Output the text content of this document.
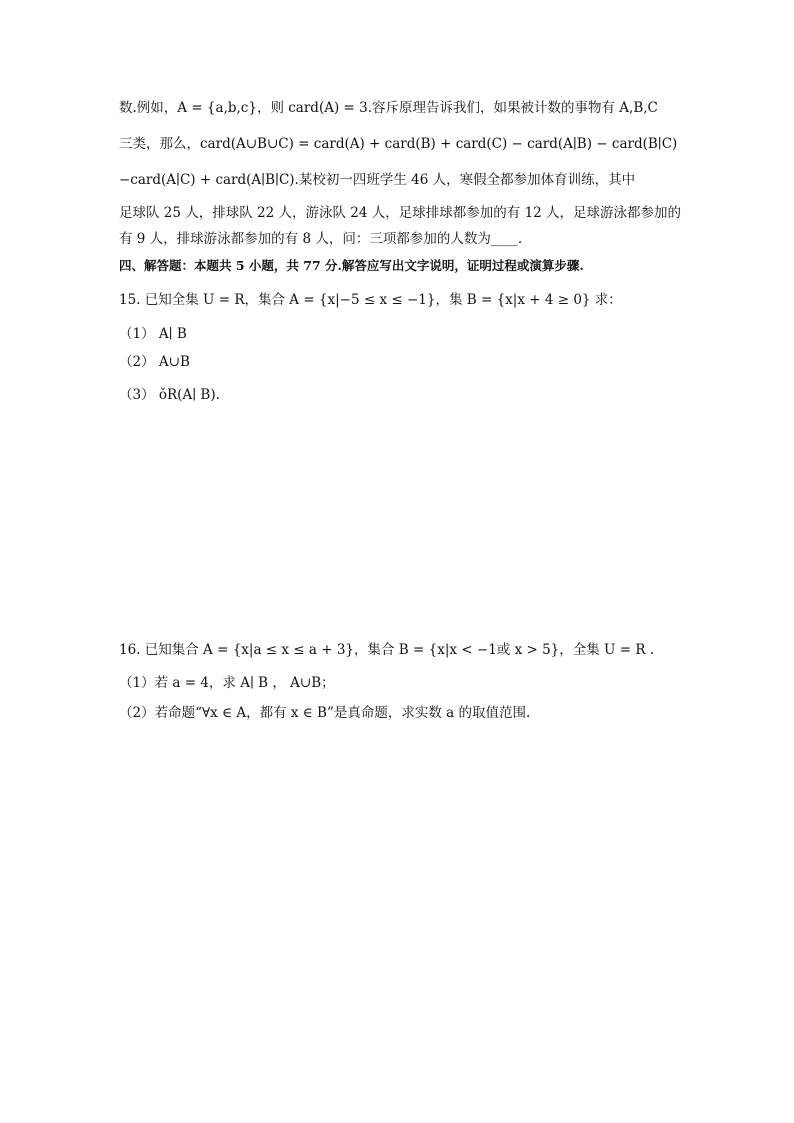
数.例如，A = {a,b,c}，则 card(A) = 3.容斥原理告诉我们，如果被计数的事物有 A,B,C
三类，那么，card(A∪B∪C) = card(A) + card(B) + card(C) − card(A∣B) − card(B∣C)
−card(A∣C) + card(A∣B∣C).某校初一四班学生 46 人，寒假全都参加体育训练，其中
足球队 25 人，排球队 22 人，游泳队 24 人，足球排球都参加的有 12 人，足球游泳都参加的
有 9 人，排球游泳都参加的有 8 人，问：三项都参加的人数为____.
四、解答题：本题共 5 小题，共 77 分.解答应写出文字说明，证明过程或演算步骤.
15. 已知全集 U = R，集合 A = {x|−5 ≤ x ≤ −1}，集 B = {x|x + 4 ≥ 0} 求：
（1） A∣ B
（2） A∪B
（3） ǒR(A∣ B).
16. 已知集合 A = {x|a ≤ x ≤ a + 3}，集合 B = {x|x < −1或 x > 5}，全集 U = R .
（1）若 a = 4，求 A∣ B ， A∪B；
（2）若命题“∀x ∈ A，都有 x ∈ B”是真命题，求实数 a 的取值范围.
